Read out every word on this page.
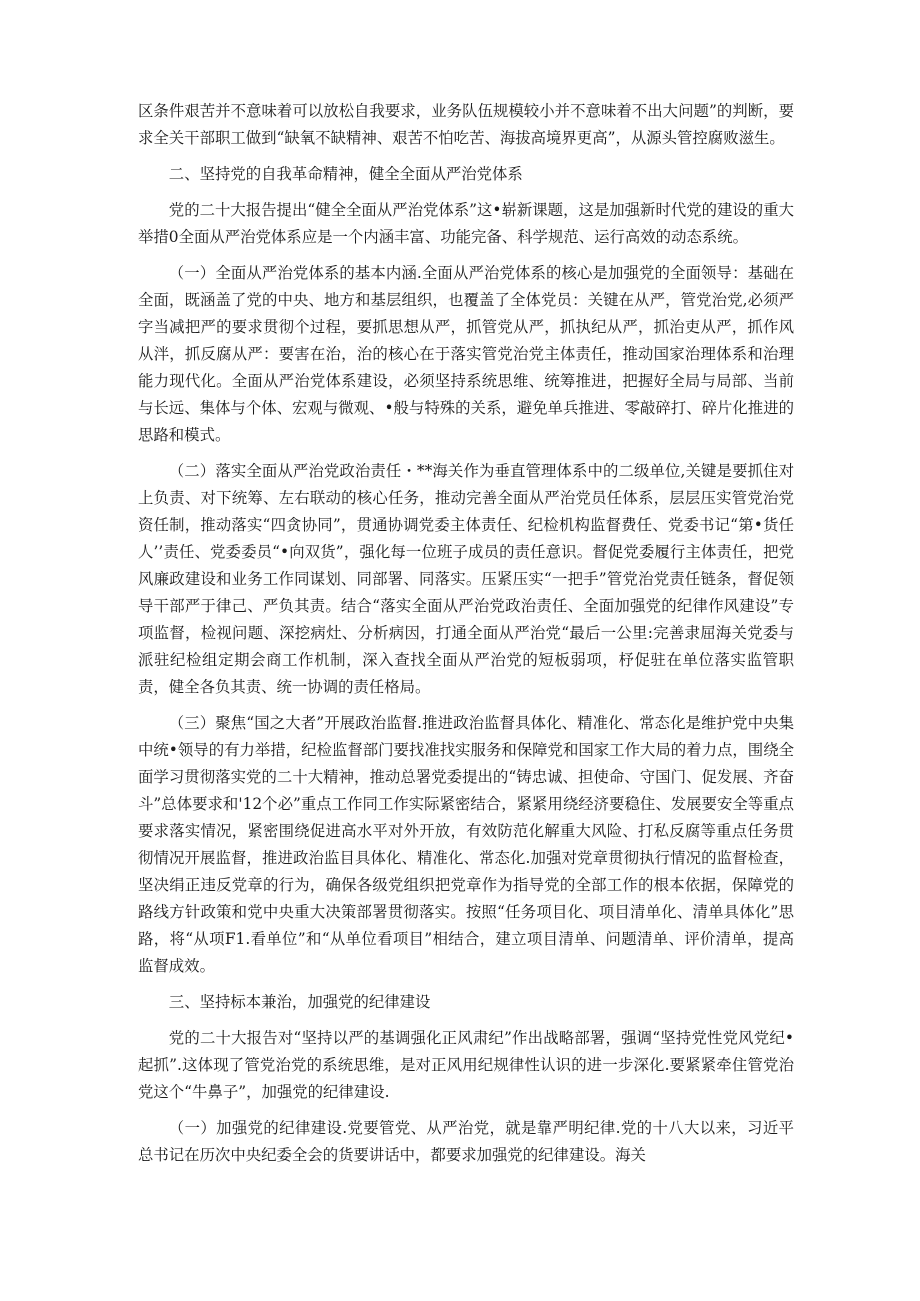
区条件艰苦并不意味着可以放松自我要求，业务队伍规模较小并不意味着不出大问题”的判断，要求全关干部职工做到“缺氧不缺精神、艰苦不怕吃苦、海拔高境界更高”，从源头管控腐败滋生。

二、坚持党的自我革命精神，健全全面从严治党体系

党的二十大报告提出“健全全面从严治党体系”这•崭新课题，这是加强新时代党的建设的重大举措0全面从严治党体系应是一个内涵丰富、功能完备、科学规范、运行高效的动态系统。

（一）全面从严治党体系的基本内涵.全面从严治党体系的核心是加强党的全面领导：基础在全面，既涵盖了党的中央、地方和基层组织，也覆盖了全体党员：关键在从严，管党治党,必须严字当减把严的要求贯彻个过程，要抓思想从严，抓管党从严，抓执纪从严，抓治吏从严，抓作风从泮，抓反腐从严：要害在治，治的核心在于落实管党治党主体责任，推动国家治理体系和治理能力现代化。全面从严治党体系建设，必须坚持系统思维、统筹推进，把握好全局与局部、当前与长远、集体与个体、宏观与微观、•般与特殊的关系，避免单兵推进、零敲碎打、碎片化推进的思路和模式。

（二）落实全面从严治党政治责任・**海关作为垂直管理体系中的二级单位,关键是要抓住对上负责、对下统筹、左右联动的核心任务，推动完善全面从严治党员任体系，层层压实管党治党资任制，推动落实“四贪协同”，贯通协调党委主体责任、纪检机构监督费任、党委书记“第•货任人’’责任、党委委员“•向双货”，强化每一位班子成员的责任意识。督促党委履行主体责任，把党风廉政建设和业务工作同谋划、同部署、同落实。压紧压实“一把手”管党治党责任链条，督促领导干部严于律己、严负其责。结合“落实全面从严治党政治责任、全面加强党的纪律作风建设”专项监督，检视问题、深挖病灶、分析病因，打通全面从严治党“最后一公里:完善隶屈海关党委与派驻纪检组定期会商工作机制，深入查找全面从严治党的短板弱项，杼促驻在单位落实监管职责，健全各负其责、统一协调的责任格局。

（三）聚焦“国之大者”开展政治监督.推进政治监督具体化、精准化、常态化是维护党中央集中统•领导的有力举措，纪检监督部门要找准找实服务和保障党和国家工作大局的着力点，围绕全面学习贯彻落实党的二十大精神，推动总署党委提出的“铸忠诚、担使命、守国门、促发展、齐奋斗”总体要求和'12个必”重点工作同工作实际紧密结合，紧紧用绕经济要稳住、发展要安全等重点要求落实情况，紧密围绕促进高水平对外开放，有效防范化解重大风险、打私反腐等重点任务贯彻情况开展监督，推进政治监目具体化、精准化、常态化.加强对党章贯彻执行情况的监督检查，坚决绢正违反党章的行为，确保各级党组织把党章作为指导党的全部工作的根本依据，保障党的路线方针政策和党中央重大决策部署贯彻落实。按照“任务项目化、项目清单化、清单具体化”思路，将“从项F1.看单位”和“从单位看项目”相结合，建立项目清单、问题清单、评价清单，提高监督成效。

三、坚持标本兼治，加强党的纪律建设

党的二十大报告对“坚持以严的基调强化正风肃纪”作出战略部署，强调“坚持党性党风党纪•起抓”.这体现了管党治党的系统思维，是对正风用纪规律性认识的进一步深化.要紧紧牵住管党治党这个“牛鼻子”，加强党的纪律建设.

（一）加强党的纪律建设.党要管党、从严治党，就是靠严明纪律.党的十八大以来，习近平总书记在历次中央纪委全会的货要讲话中，都要求加强党的纪律建设。海关
